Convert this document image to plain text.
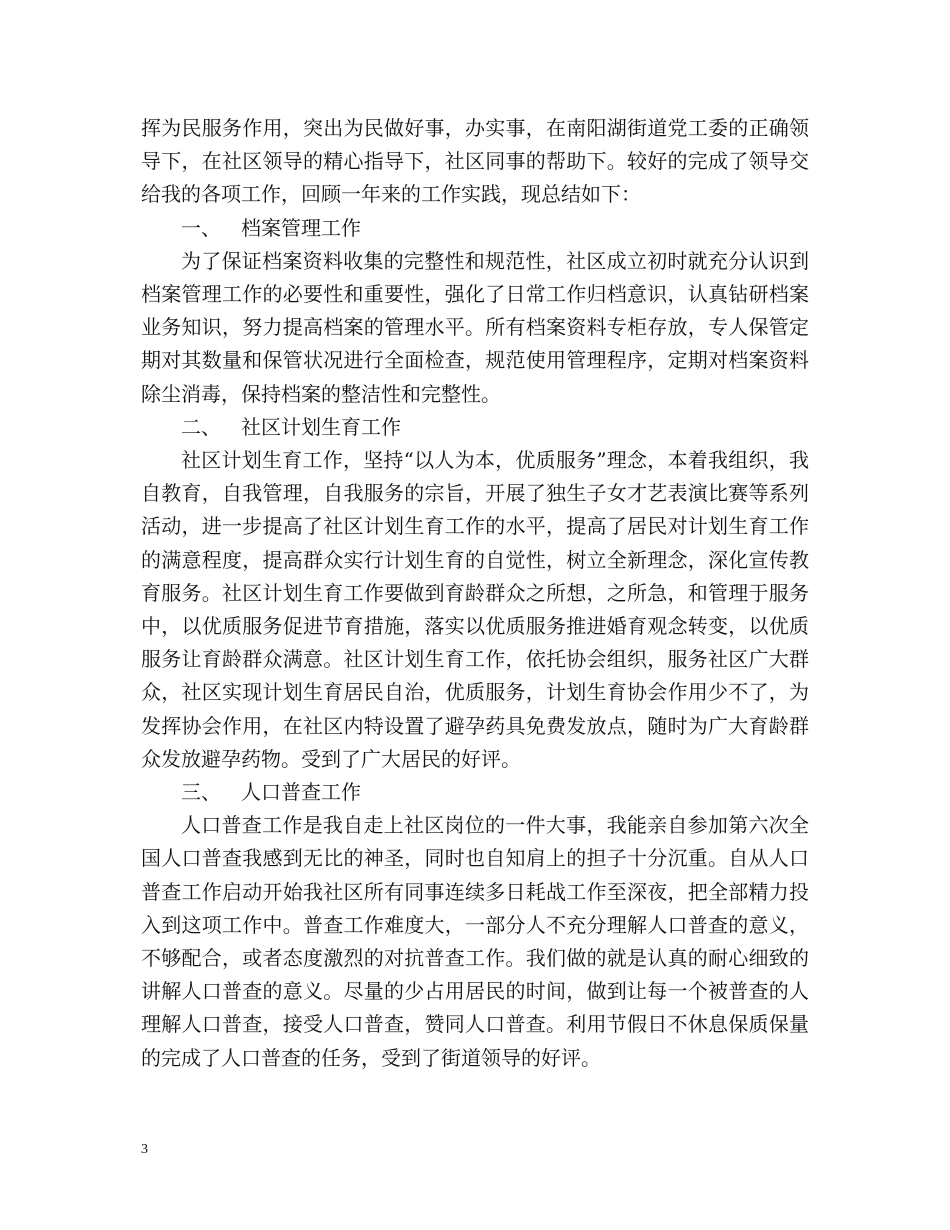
挥为民服务作用，突出为民做好事，办实事，在南阳湖街道党工委的正确领导下，在社区领导的精心指导下，社区同事的帮助下。较好的完成了领导交给我的各项工作，回顾一年来的工作实践，现总结如下：

一、 档案管理工作

为了保证档案资料收集的完整性和规范性，社区成立初时就充分认识到档案管理工作的必要性和重要性，强化了日常工作归档意识，认真钻研档案业务知识，努力提高档案的管理水平。所有档案资料专柜存放，专人保管定期对其数量和保管状况进行全面检查，规范使用管理程序，定期对档案资料除尘消毒，保持档案的整洁性和完整性。

二、 社区计划生育工作

社区计划生育工作，坚持“以人为本，优质服务”理念，本着我组织，我自教育，自我管理，自我服务的宗旨，开展了独生子女才艺表演比赛等系列活动，进一步提高了社区计划生育工作的水平，提高了居民对计划生育工作的满意程度，提高群众实行计划生育的自觉性，树立全新理念，深化宣传教育服务。社区计划生育工作要做到育龄群众之所想，之所急，和管理于服务中，以优质服务促进节育措施，落实以优质服务推进婚育观念转变，以优质服务让育龄群众满意。社区计划生育工作，依托协会组织，服务社区广大群众，社区实现计划生育居民自治，优质服务，计划生育协会作用少不了，为发挥协会作用，在社区内特设置了避孕药具免费发放点，随时为广大育龄群众发放避孕药物。受到了广大居民的好评。

三、 人口普查工作

人口普查工作是我自走上社区岗位的一件大事，我能亲自参加第六次全国人口普查我感到无比的神圣，同时也自知肩上的担子十分沉重。自从人口普查工作启动开始我社区所有同事连续多日耗战工作至深夜，把全部精力投入到这项工作中。普查工作难度大，一部分人不充分理解人口普查的意义，不够配合，或者态度激烈的对抗普查工作。我们做的就是认真的耐心细致的讲解人口普查的意义。尽量的少占用居民的时间，做到让每一个被普查的人理解人口普查，接受人口普查，赞同人口普查。利用节假日不休息保质保量的完成了人口普查的任务，受到了街道领导的好评。

3
